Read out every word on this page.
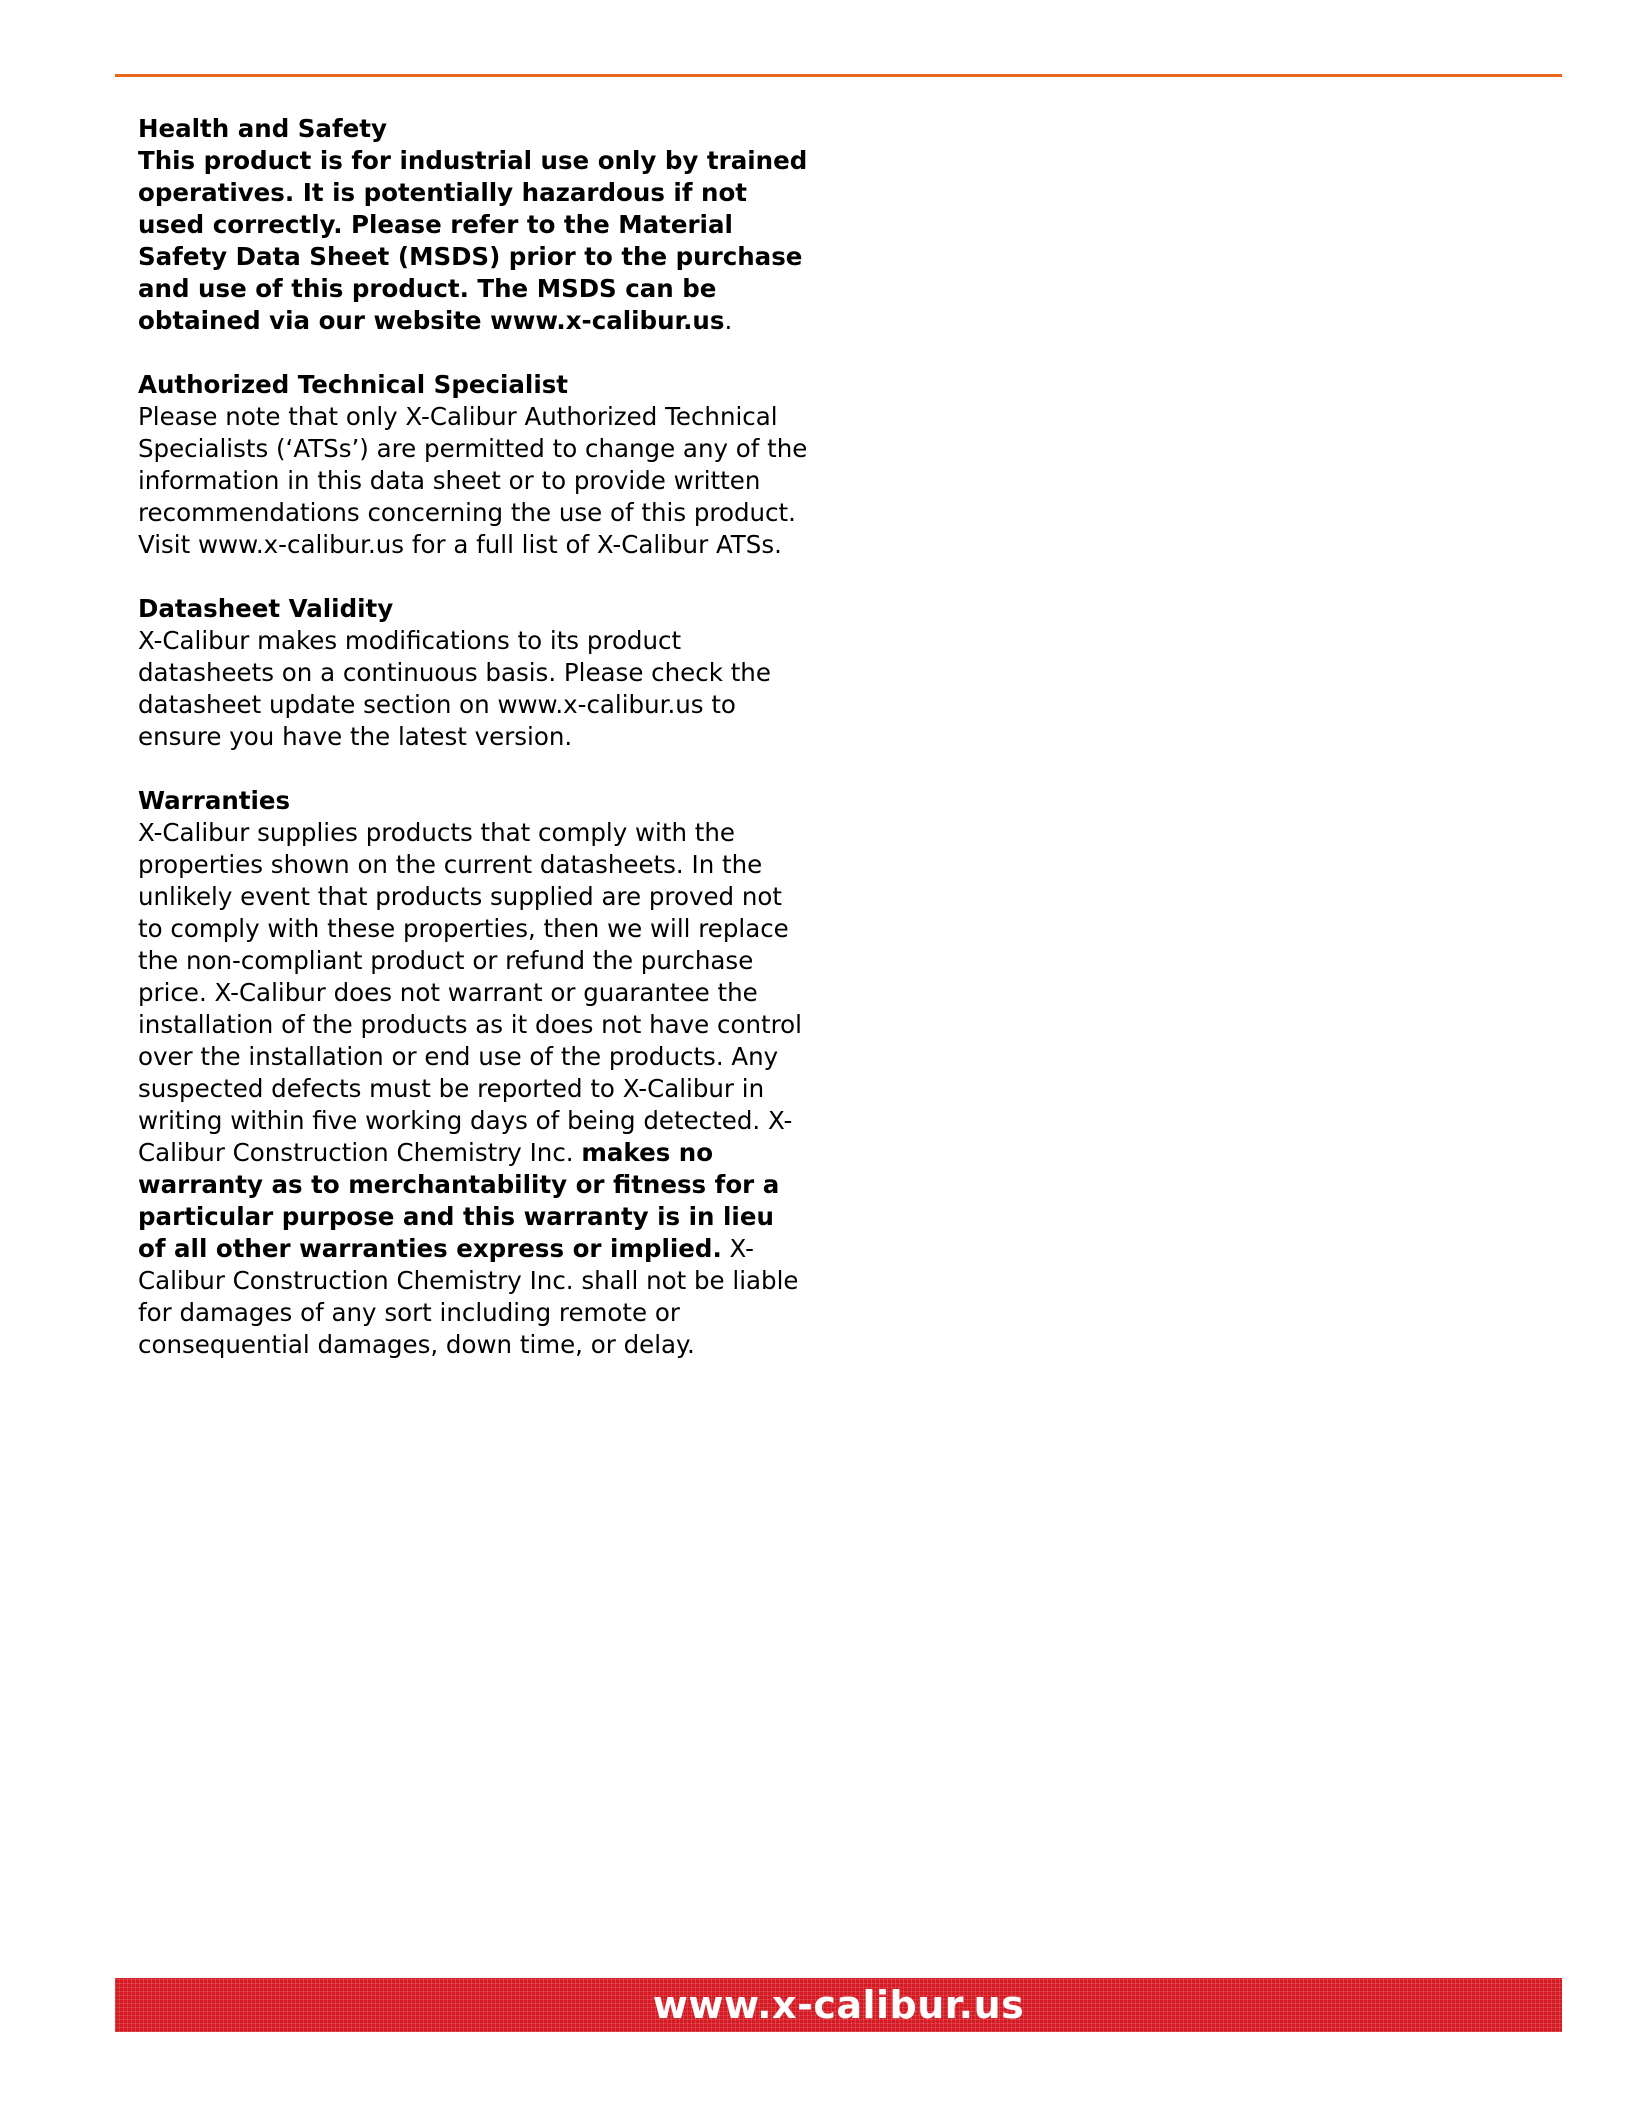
Health and Safety
This product is for industrial use only by trained operatives. It is potentially hazardous if not used correctly. Please refer to the Material Safety Data Sheet (MSDS) prior to the purchase and use of this product. The MSDS can be obtained via our website www.x-calibur.us.
Authorized Technical Specialist
Please note that only X-Calibur Authorized Technical Specialists (‘ATSs’) are permitted to change any of the information in this data sheet or to provide written recommendations concerning the use of this product. Visit www.x-calibur.us for a full list of X-Calibur ATSs.
Datasheet Validity
X-Calibur makes modifications to its product datasheets on a continuous basis. Please check the datasheet update section on www.x-calibur.us to ensure you have the latest version.
Warranties
X-Calibur supplies products that comply with the properties shown on the current datasheets. In the unlikely event that products supplied are proved not to comply with these properties, then we will replace the non-compliant product or refund the purchase price. X-Calibur does not warrant or guarantee the installation of the products as it does not have control over the installation or end use of the products. Any suspected defects must be reported to X-Calibur in writing within five working days of being detected. X-Calibur Construction Chemistry Inc. makes no warranty as to merchantability or fitness for a particular purpose and this warranty is in lieu of all other warranties express or implied. X-Calibur Construction Chemistry Inc. shall not be liable for damages of any sort including remote or consequential damages, down time, or delay.
www.x-calibur.us
